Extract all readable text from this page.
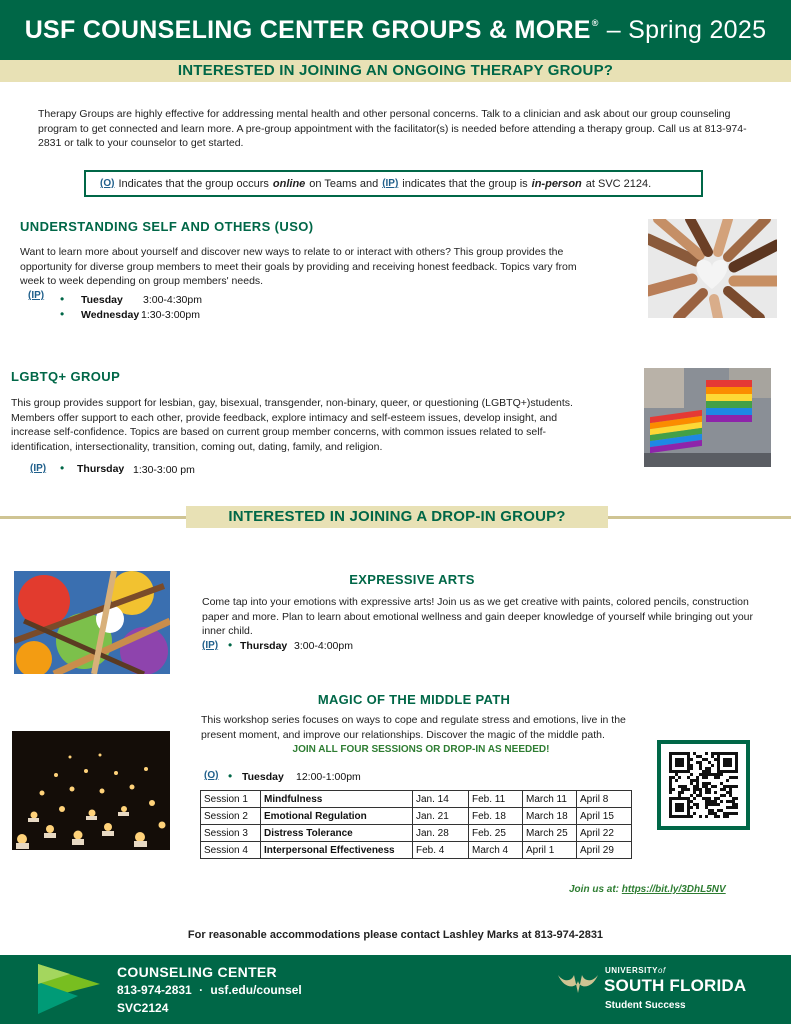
USF COUNSELING CENTER GROUPS & MORE® – Spring 2025
INTERESTED IN JOINING AN ONGOING THERAPY GROUP?

Therapy Groups are highly effective for addressing mental health and other personal concerns. Talk to a clinician and ask about our group counseling program to get connected and learn more. A pre-group appointment with the facilitator(s) is needed before attending a therapy group. Call us at 813-974-2831 or talk to your counselor to get started.

(O) Indicates that the group occurs online on Teams and (IP) indicates that the group is in-person at SVC 2124.
UNDERSTANDING SELF AND OTHERS (USO)

Want to learn more about yourself and discover new ways to relate to or interact with others? This group provides the opportunity for diverse group members to meet their goals by providing and receiving honest feedback. Topics vary from week to week depending on group members' needs.

(IP) • Tuesday 3:00-4:30pm
• Wednesday 1:30-3:00pm
LGBTQ+ GROUP

This group provides support for lesbian, gay, bisexual, transgender, non-binary, queer, or questioning (LGBTQ+)students. Members offer support to each other, provide feedback, explore intimacy and self-esteem issues, develop insight, and increase self-confidence. Topics are based on current group member concerns, with common issues related to self-identification, intersectionality, transition, coming out, dating, family, and religion.

(IP) • Thursday 1:30-3:00 pm
INTERESTED IN JOINING A DROP-IN GROUP?
EXPRESSIVE ARTS

Come tap into your emotions with expressive arts! Join us as we get creative with paints, colored pencils, construction paper and more. Plan to learn about emotional wellness and gain deeper knowledge of yourself while bringing out your inner child.

(IP) • Thursday 3:00-4:00pm
MAGIC OF THE MIDDLE PATH

This workshop series focuses on ways to cope and regulate stress and emotions, live in the present moment, and improve our relationships. Discover the magic of the middle path.

JOIN ALL FOUR SESSIONS OR DROP-IN AS NEEDED!
(O) • Tuesday 12:00-1:00pm
Session 1	Mindfulness	Jan. 14	Feb. 11	March 11	April 8
Session 2	Emotional Regulation	Jan. 21	Feb. 18	March 18	April 15
Session 3	Distress Tolerance	Jan. 28	Feb. 25	March 25	April 22
Session 4	Interpersonal Effectiveness	Feb. 4	March 4	April 1	April 29
Join us at: https://bit.ly/3DhL5NV
For reasonable accommodations please contact Lashley Marks at 813-974-2831
COUNSELING CENTER
813-974-2831 · usf.edu/counsel
SVC2124
UNIVERSITYof
SOUTH FLORIDA
Student Success
